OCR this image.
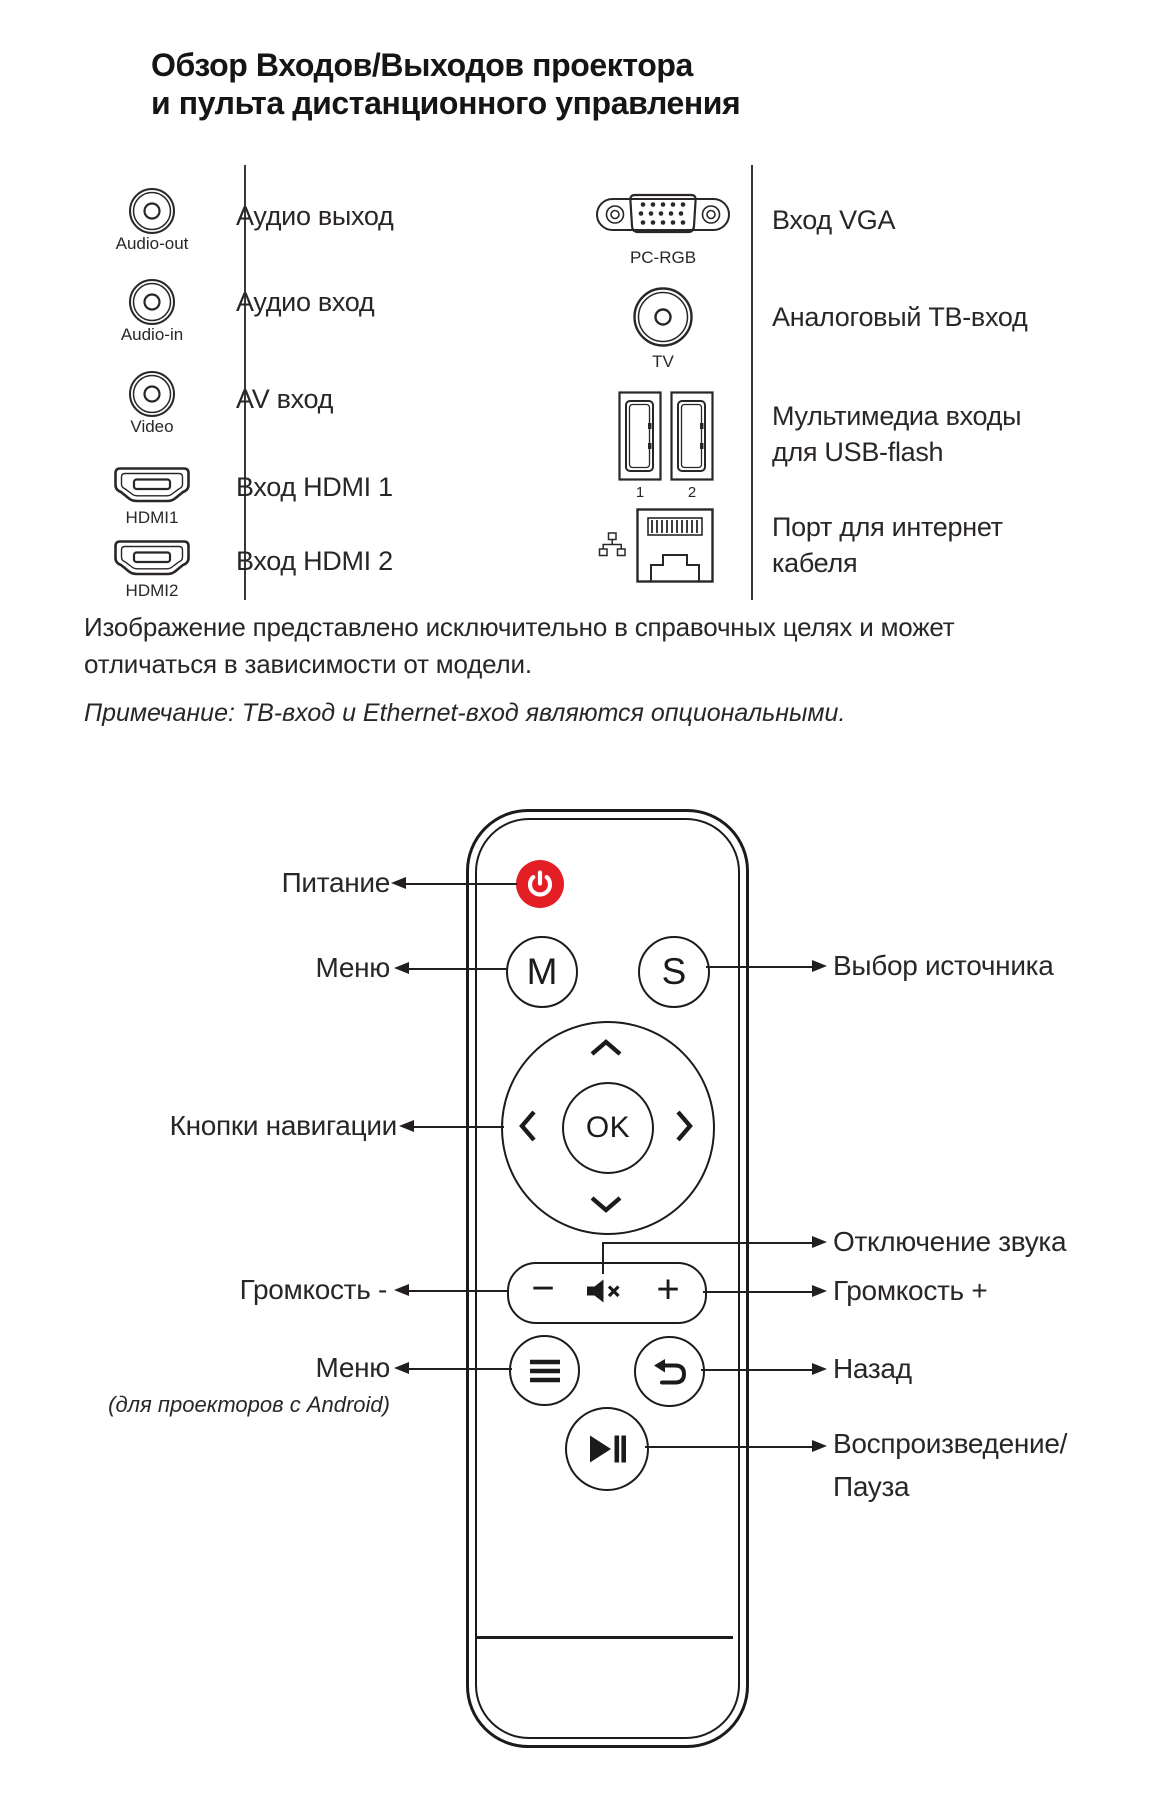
Обзор Входов/Выходов проектора
и пульта дистанционного управления
Audio-out
Аудио выход
Audio-in
Аудио вход
Video
AV вход
HDMI1
Вход HDMI 1
HDMI2
Вход HDMI 2
PC-RGB
Вход VGA
TV
Аналоговый ТВ-вход
1	2
Мультимедиа входы
для USB-flash
Порт для интернет
кабеля
Изображение представлено исключительно в справочных целях и может
отличаться в зависимости от модели.
Примечание: ТВ-вход и Ethernet-вход являются опциональными.
M	S
OK
−	+
Питание
Меню	Выбор источника
Кнопки навигации
Отключение звука
Громкость -	Громкость +
Меню
(для проекторов с Android)
Назад
Воспроизведение/
Пауза
